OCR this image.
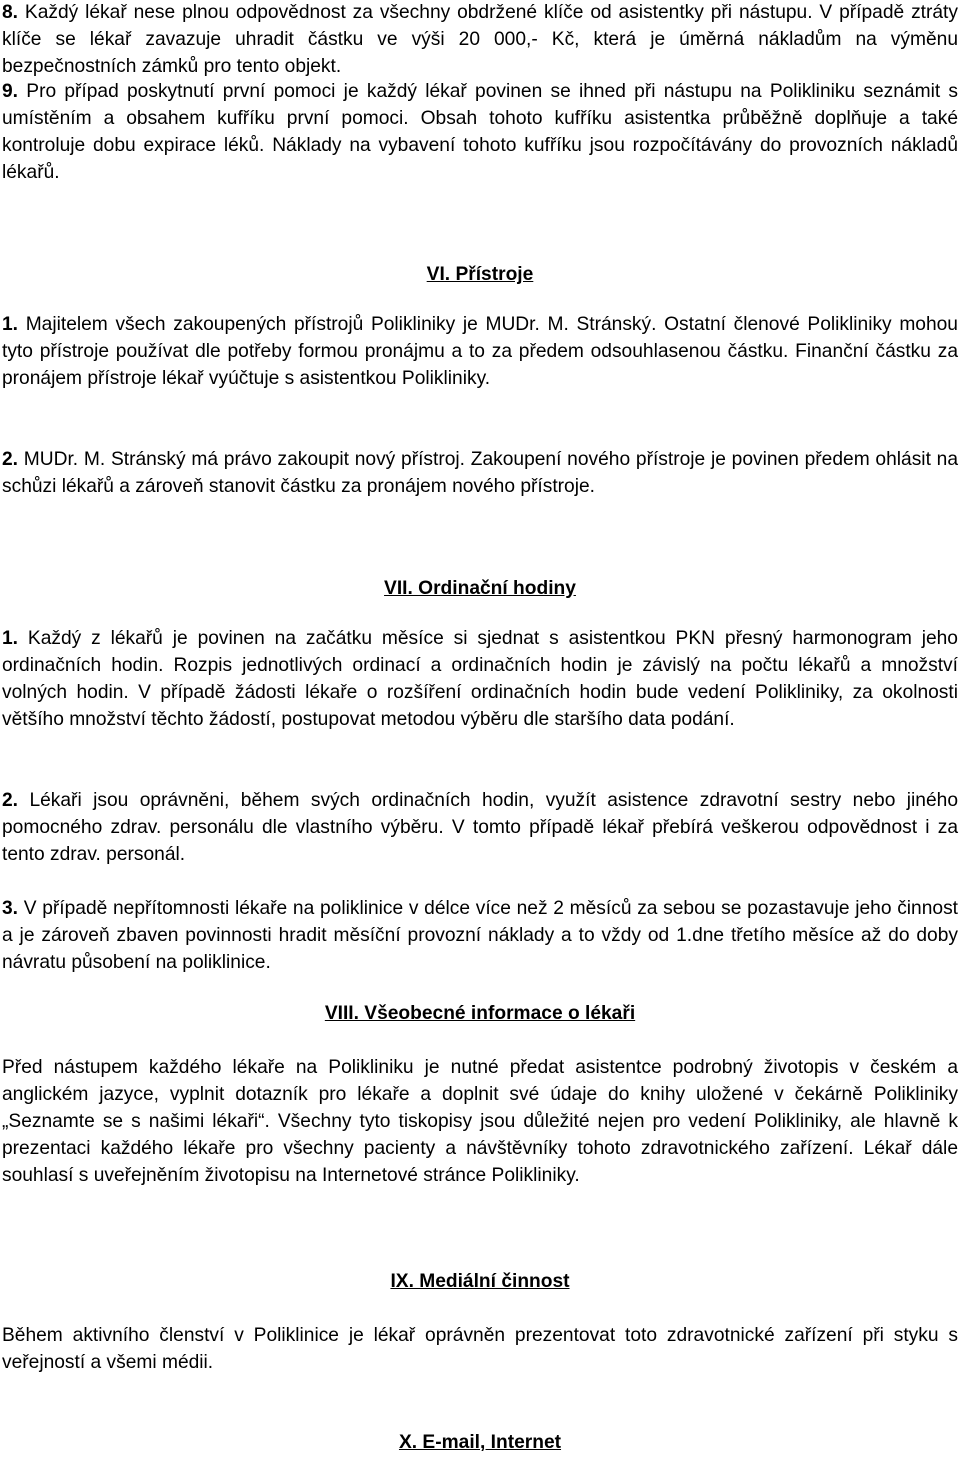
8. Každý lékař nese plnou odpovědnost za všechny obdržené klíče od asistentky při nástupu. V případě ztráty klíče se lékař zavazuje uhradit částku ve výši 20 000,- Kč, která je úměrná nákladům na výměnu bezpečnostních zámků pro tento objekt.

9. Pro případ poskytnutí první pomoci je každý lékař povinen se ihned při nástupu na Polikliniku seznámit s umístěním a obsahem kufříku první pomoci. Obsah tohoto kufříku asistentka průběžně doplňuje a také kontroluje dobu expirace léků. Náklady na vybavení tohoto kufříku jsou rozpočítávány do provozních nákladů lékařů.

VI. Přístroje

1. Majitelem všech zakoupených přístrojů Polikliniky je MUDr. M. Stránský. Ostatní členové Polikliniky mohou tyto přístroje používat dle potřeby formou pronájmu a to za předem odsouhlasenou částku. Finanční částku za pronájem přístroje lékař vyúčtuje s asistentkou Polikliniky.

2. MUDr. M. Stránský má právo zakoupit nový přístroj. Zakoupení nového přístroje je povinen předem ohlásit na schůzi lékařů a zároveň stanovit částku za pronájem nového přístroje.

VII. Ordinační hodiny

1. Každý z lékařů je povinen na začátku měsíce si sjednat s asistentkou PKN přesný harmonogram jeho ordinačních hodin. Rozpis jednotlivých ordinací a ordinačních hodin je závislý na počtu lékařů a množství volných hodin. V případě žádosti lékaře o rozšíření ordinačních hodin bude vedení Polikliniky, za okolnosti většího množství těchto žádostí, postupovat metodou výběru dle staršího data podání.

2. Lékaři jsou oprávněni, během svých ordinačních hodin, využít asistence zdravotní sestry nebo jiného pomocného zdrav. personálu dle vlastního výběru. V tomto případě lékař přebírá veškerou odpovědnost i za tento zdrav. personál.

3. V případě nepřítomnosti lékaře na poliklinice v délce více než 2 měsíců za sebou se pozastavuje jeho činnost a je zároveň zbaven povinnosti hradit měsíční provozní náklady a to vždy od 1.dne třetího měsíce až do doby návratu působení na poliklinice.

VIII. Všeobecné informace o lékaři

Před nástupem každého lékaře na Polikliniku je nutné předat asistentce podrobný životopis v českém a anglickém jazyce, vyplnit dotazník pro lékaře a doplnit své údaje do knihy uložené v čekárně Polikliniky „Seznamte se s našimi lékaři“. Všechny tyto tiskopisy jsou důležité nejen pro vedení Polikliniky, ale hlavně k prezentaci každého lékaře pro všechny pacienty a návštěvníky tohoto zdravotnického zařízení. Lékař dále souhlasí s uveřejněním životopisu na Internetové stránce Polikliniky.

IX. Mediální činnost

Během aktivního členství v Poliklinice je lékař oprávněn prezentovat toto zdravotnické zařízení při styku s veřejností a všemi médii.

X. E-mail, Internet
